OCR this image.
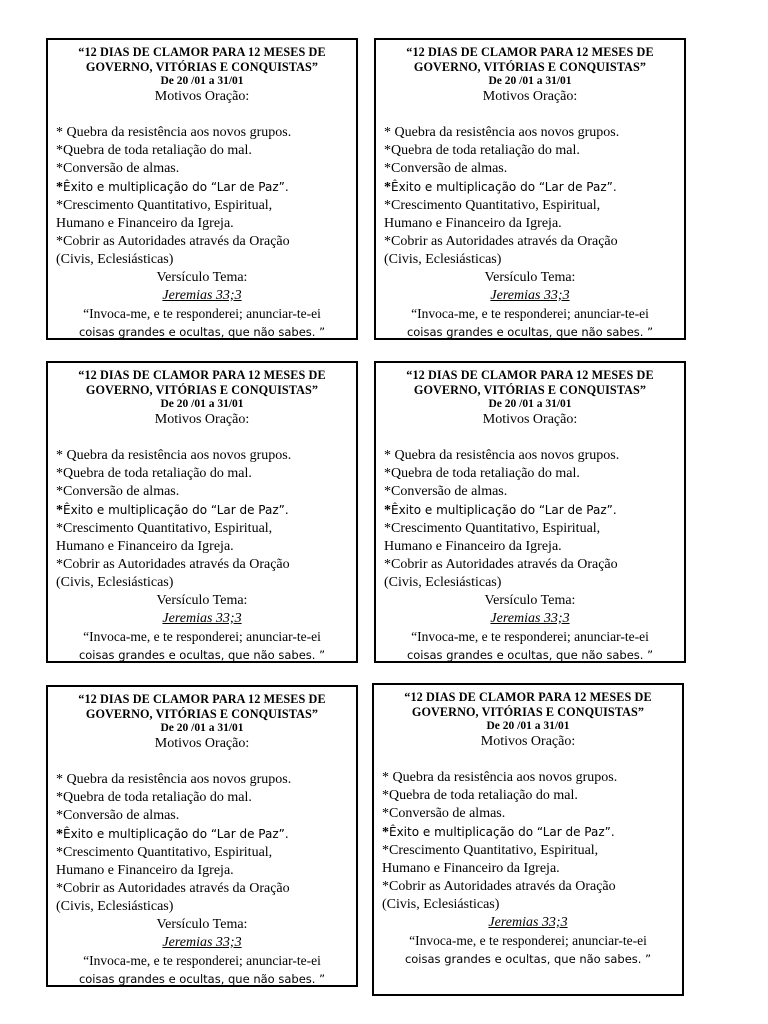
“12 DIAS DE CLAMOR PARA 12 MESES DE
GOVERNO, VITÓRIAS E CONQUISTAS”
De 20 /01 a 31/01
Motivos Oração:
* Quebra da resistência aos novos grupos.
*Quebra de toda retaliação do mal.
*Conversão de almas.
*Êxito e multiplicação do “Lar de Paz”.
*Crescimento Quantitativo, Espiritual,
Humano e Financeiro da Igreja.
*Cobrir as Autoridades através da Oração
(Civis, Eclesiásticas)
Versículo Tema:
Jeremias 33;3
“Invoca-me, e te responderei; anunciar-te-ei
coisas grandes e ocultas, que não sabes. ”
“12 DIAS DE CLAMOR PARA 12 MESES DE
GOVERNO, VITÓRIAS E CONQUISTAS”
De 20 /01 a 31/01
Motivos Oração:
* Quebra da resistência aos novos grupos.
*Quebra de toda retaliação do mal.
*Conversão de almas.
*Êxito e multiplicação do “Lar de Paz”.
*Crescimento Quantitativo, Espiritual,
Humano e Financeiro da Igreja.
*Cobrir as Autoridades através da Oração
(Civis, Eclesiásticas)
Versículo Tema:
Jeremias 33;3
“Invoca-me, e te responderei; anunciar-te-ei
coisas grandes e ocultas, que não sabes. ”
“12 DIAS DE CLAMOR PARA 12 MESES DE
GOVERNO, VITÓRIAS E CONQUISTAS”
De 20 /01 a 31/01
Motivos Oração:
* Quebra da resistência aos novos grupos.
*Quebra de toda retaliação do mal.
*Conversão de almas.
*Êxito e multiplicação do “Lar de Paz”.
*Crescimento Quantitativo, Espiritual,
Humano e Financeiro da Igreja.
*Cobrir as Autoridades através da Oração
(Civis, Eclesiásticas)
Versículo Tema:
Jeremias 33;3
“Invoca-me, e te responderei; anunciar-te-ei
coisas grandes e ocultas, que não sabes. ”
“12 DIAS DE CLAMOR PARA 12 MESES DE
GOVERNO, VITÓRIAS E CONQUISTAS”
De 20 /01 a 31/01
Motivos Oração:
* Quebra da resistência aos novos grupos.
*Quebra de toda retaliação do mal.
*Conversão de almas.
*Êxito e multiplicação do “Lar de Paz”.
*Crescimento Quantitativo, Espiritual,
Humano e Financeiro da Igreja.
*Cobrir as Autoridades através da Oração
(Civis, Eclesiásticas)
Versículo Tema:
Jeremias 33;3
“Invoca-me, e te responderei; anunciar-te-ei
coisas grandes e ocultas, que não sabes. ”
“12 DIAS DE CLAMOR PARA 12 MESES DE
GOVERNO, VITÓRIAS E CONQUISTAS”
De 20 /01 a 31/01
Motivos Oração:
* Quebra da resistência aos novos grupos.
*Quebra de toda retaliação do mal.
*Conversão de almas.
*Êxito e multiplicação do “Lar de Paz”.
*Crescimento Quantitativo, Espiritual,
Humano e Financeiro da Igreja.
*Cobrir as Autoridades através da Oração
(Civis, Eclesiásticas)
Versículo Tema:
Jeremias 33;3
“Invoca-me, e te responderei; anunciar-te-ei
coisas grandes e ocultas, que não sabes. ”
“12 DIAS DE CLAMOR PARA 12 MESES DE
GOVERNO, VITÓRIAS E CONQUISTAS”
De 20 /01 a 31/01
Motivos Oração:
* Quebra da resistência aos novos grupos.
*Quebra de toda retaliação do mal.
*Conversão de almas.
*Êxito e multiplicação do “Lar de Paz”.
*Crescimento Quantitativo, Espiritual,
Humano e Financeiro da Igreja.
*Cobrir as Autoridades através da Oração
(Civis, Eclesiásticas)
Jeremias 33;3
“Invoca-me, e te responderei; anunciar-te-ei
coisas grandes e ocultas, que não sabes. ”
